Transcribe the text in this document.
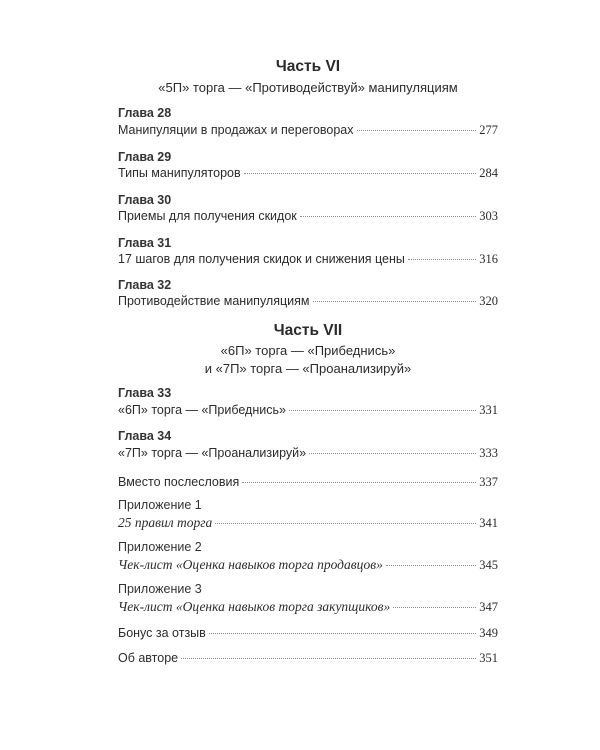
Часть VI
«5П» торга — «Противодействуй» манипуляциям
Глава 28
Манипуляции в продажах и переговорах	277
Глава 29
Типы манипуляторов	284
Глава 30
Приемы для получения скидок	303
Глава 31
17 шагов для получения скидок и снижения цены	316
Глава 32
Противодействие манипуляциям	320
Часть VII
«6П» торга — «Прибеднись»
и «7П» торга — «Проанализируй»
Глава 33
«6П» торга — «Прибеднись»	331
Глава 34
«7П» торга — «Проанализируй»	333
Вместо послесловия	337
Приложение 1
25 правил торга	341
Приложение 2
Чек-лист «Оценка навыков торга продавцов»	345
Приложение 3
Чек-лист «Оценка навыков торга закупщиков»	347
Бонус за отзыв	349
Об авторе	351
